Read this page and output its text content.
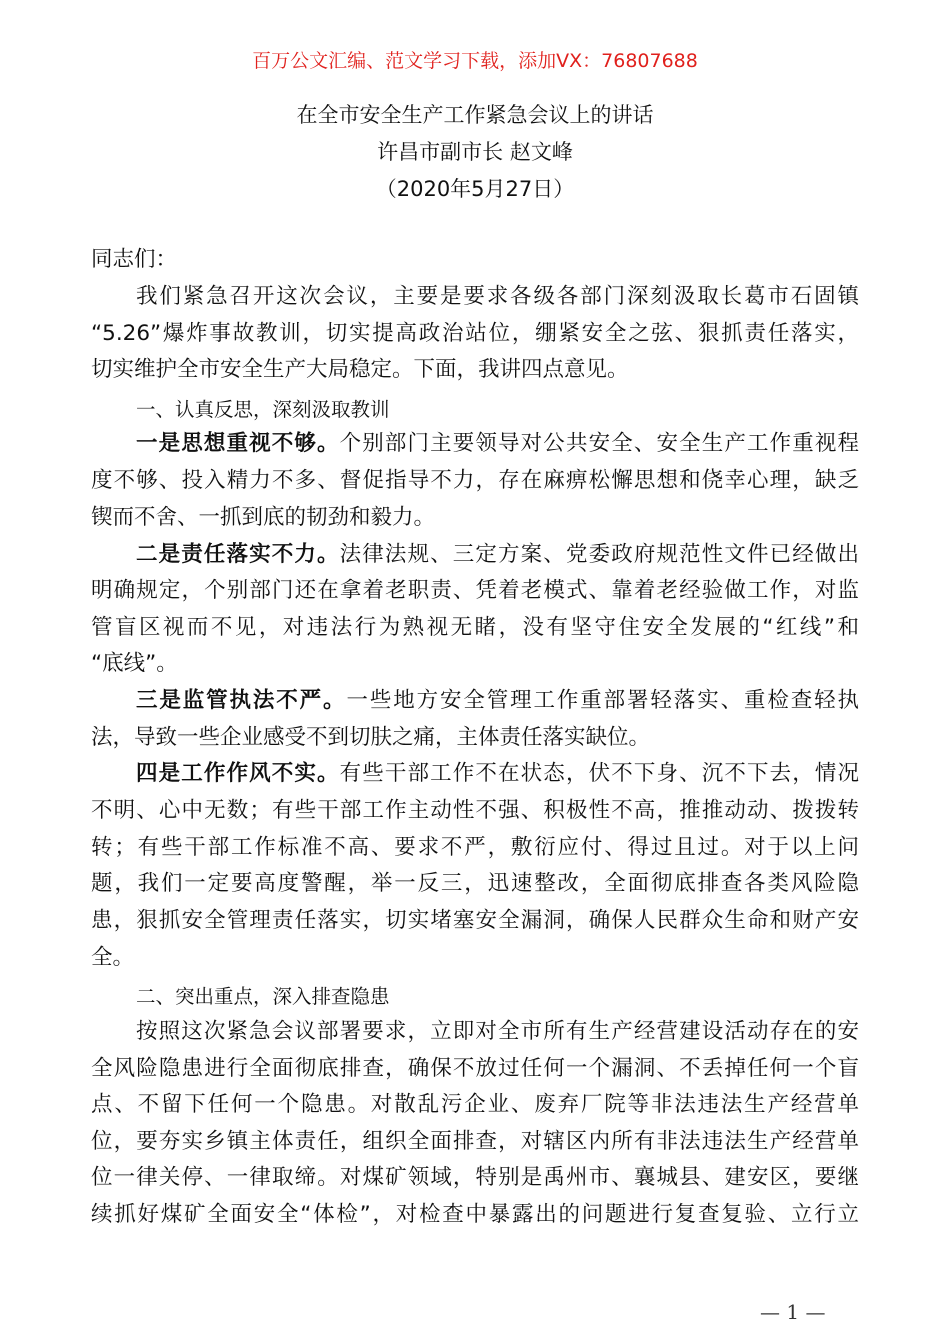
百万公文汇编、范文学习下载，添加VX：76807688
在全市安全生产工作紧急会议上的讲话
许昌市副市长 赵文峰
（2020年5月27日）
同志们：
我们紧急召开这次会议，主要是要求各级各部门深刻汲取长葛市石固镇
“5.26”爆炸事故教训，切实提高政治站位，绷紧安全之弦、狠抓责任落实，
切实维护全市安全生产大局稳定。下面，我讲四点意见。
一、认真反思，深刻汲取教训
一是思想重视不够。个别部门主要领导对公共安全、安全生产工作重视程
度不够、投入精力不多、督促指导不力，存在麻痹松懈思想和侥幸心理，缺乏
锲而不舍、一抓到底的韧劲和毅力。
二是责任落实不力。法律法规、三定方案、党委政府规范性文件已经做出
明确规定，个别部门还在拿着老职责、凭着老模式、靠着老经验做工作，对监
管盲区视而不见，对违法行为熟视无睹，没有坚守住安全发展的“红线”和
“底线”。
三是监管执法不严。一些地方安全管理工作重部署轻落实、重检查轻执
法，导致一些企业感受不到切肤之痛，主体责任落实缺位。
四是工作作风不实。有些干部工作不在状态，伏不下身、沉不下去，情况
不明、心中无数；有些干部工作主动性不强、积极性不高，推推动动、拨拨转
转；有些干部工作标准不高、要求不严，敷衍应付、得过且过。对于以上问
题，我们一定要高度警醒，举一反三，迅速整改，全面彻底排查各类风险隐
患，狠抓安全管理责任落实，切实堵塞安全漏洞，确保人民群众生命和财产安
全。
二、突出重点，深入排查隐患
按照这次紧急会议部署要求，立即对全市所有生产经营建设活动存在的安
全风险隐患进行全面彻底排查，确保不放过任何一个漏洞、不丢掉任何一个盲
点、不留下任何一个隐患。对散乱污企业、废弃厂院等非法违法生产经营单
位，要夯实乡镇主体责任，组织全面排查，对辖区内所有非法违法生产经营单
位一律关停、一律取缔。对煤矿领域，特别是禹州市、襄城县、建安区，要继
续抓好煤矿全面安全“体检”，对检查中暴露出的问题进行复查复验、立行立
— 1 —
